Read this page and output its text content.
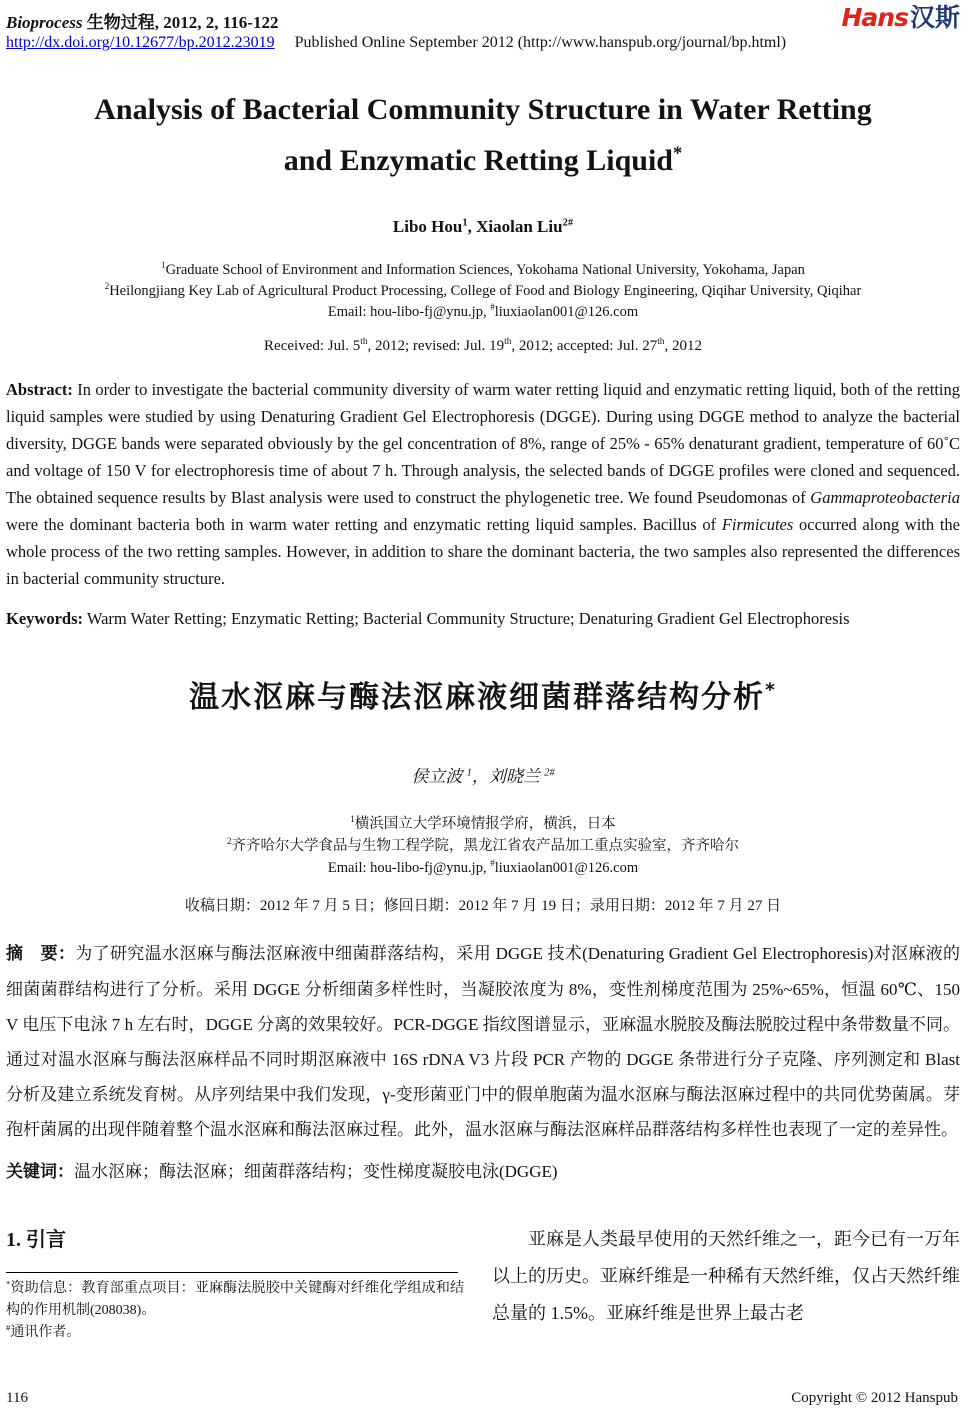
Bioprocess 生物过程, 2012, 2, 116-122	Hans汉斯
http://dx.doi.org/10.12677/bp.2012.23019 Published Online September 2012 (http://www.hanspub.org/journal/bp.html)
Analysis of Bacterial Community Structure in Water Retting
and Enzymatic Retting Liquid*
Libo Hou$^1$, Xiaolan Liu$^{2\#}$
$^1$Graduate School of Environment and Information Sciences, Yokohama National University, Yokohama, Japan
$^2$Heilongjiang Key Lab of Agricultural Product Processing, College of Food and Biology Engineering, Qiqihar University, Qiqihar
Email: hou-libo-fj@ynu.jp, #liuxiaolan001@126.com
Received: Jul. 5th, 2012; revised: Jul. 19th, 2012; accepted: Jul. 27th, 2012

Abstract: In order to investigate the bacterial community diversity of warm water retting liquid and enzymatic retting liquid, both of the retting liquid samples were studied by using Denaturing Gradient Gel Electrophoresis (DGGE). During using DGGE method to analyze the bacterial diversity, DGGE bands were separated obviously by the gel concentration of 8%, range of 25% - 65% denaturant gradient, temperature of 60˚C and voltage of 150 V for electrophoresis time of about 7 h. Through analysis, the selected bands of DGGE profiles were cloned and sequenced. The obtained sequence results by Blast analysis were used to construct the phylogenetic tree. We found Pseudomonas of Gammaproteobacteria were the dominant bacteria both in warm water retting and enzymatic retting liquid samples. Bacillus of Firmicutes occurred along with the whole process of the two retting samples. However, in addition to share the dominant bacteria, the two samples also represented the differences in bacterial community structure.

Keywords: Warm Water Retting; Enzymatic Retting; Bacterial Community Structure; Denaturing Gradient Gel Electrophoresis

温水沤麻与酶法沤麻液细菌群落结构分析*
侯立波 $^1$，刘晓兰 $^{2\#}$
$^1$横浜国立大学环境情报学府，横浜，日本
$^2$齐齐哈尔大学食品与生物工程学院，黑龙江省农产品加工重点实验室，齐齐哈尔
Email: hou-libo-fj@ynu.jp, #liuxiaolan001@126.com
收稿日期：2012 年 7 月 5 日；修回日期：2012 年 7 月 19 日；录用日期：2012 年 7 月 27 日

摘　要：为了研究温水沤麻与酶法沤麻液中细菌群落结构，采用 DGGE 技术(Denaturing Gradient Gel Electrophoresis)对沤麻液的细菌菌群结构进行了分析。采用 DGGE 分析细菌多样性时，当凝胶浓度为 8%，变性剂梯度范围为 25%~65%，恒温 60℃、150 V 电压下电泳 7 h 左右时，DGGE 分离的效果较好。PCR-DGGE 指纹图谱显示，亚麻温水脱胶及酶法脱胶过程中条带数量不同。通过对温水沤麻与酶法沤麻样品不同时期沤麻液中 16S rDNA V3 片段 PCR 产物的 DGGE 条带进行分子克隆、序列测定和 Blast 分析及建立系统发育树。从序列结果中我们发现，γ-变形菌亚门中的假单胞菌为温水沤麻与酶法沤麻过程中的共同优势菌属。芽孢杆菌属的出现伴随着整个温水沤麻和酶法沤麻过程。此外，温水沤麻与酶法沤麻样品群落结构多样性也表现了一定的差异性。

关键词：温水沤麻；酶法沤麻；细菌群落结构；变性梯度凝胶电泳(DGGE)

1. 引言
*资助信息：教育部重点项目：亚麻酶法脱胶中关键酶对纤维化学组成和结构的作用机制(208038)。
#通讯作者。

亚麻是人类最早使用的天然纤维之一，距今已有一万年以上的历史。亚麻纤维是一种稀有天然纤维，仅占天然纤维总量的 1.5%。亚麻纤维是世界上最古老

116	Copyright © 2012 Hanspub
